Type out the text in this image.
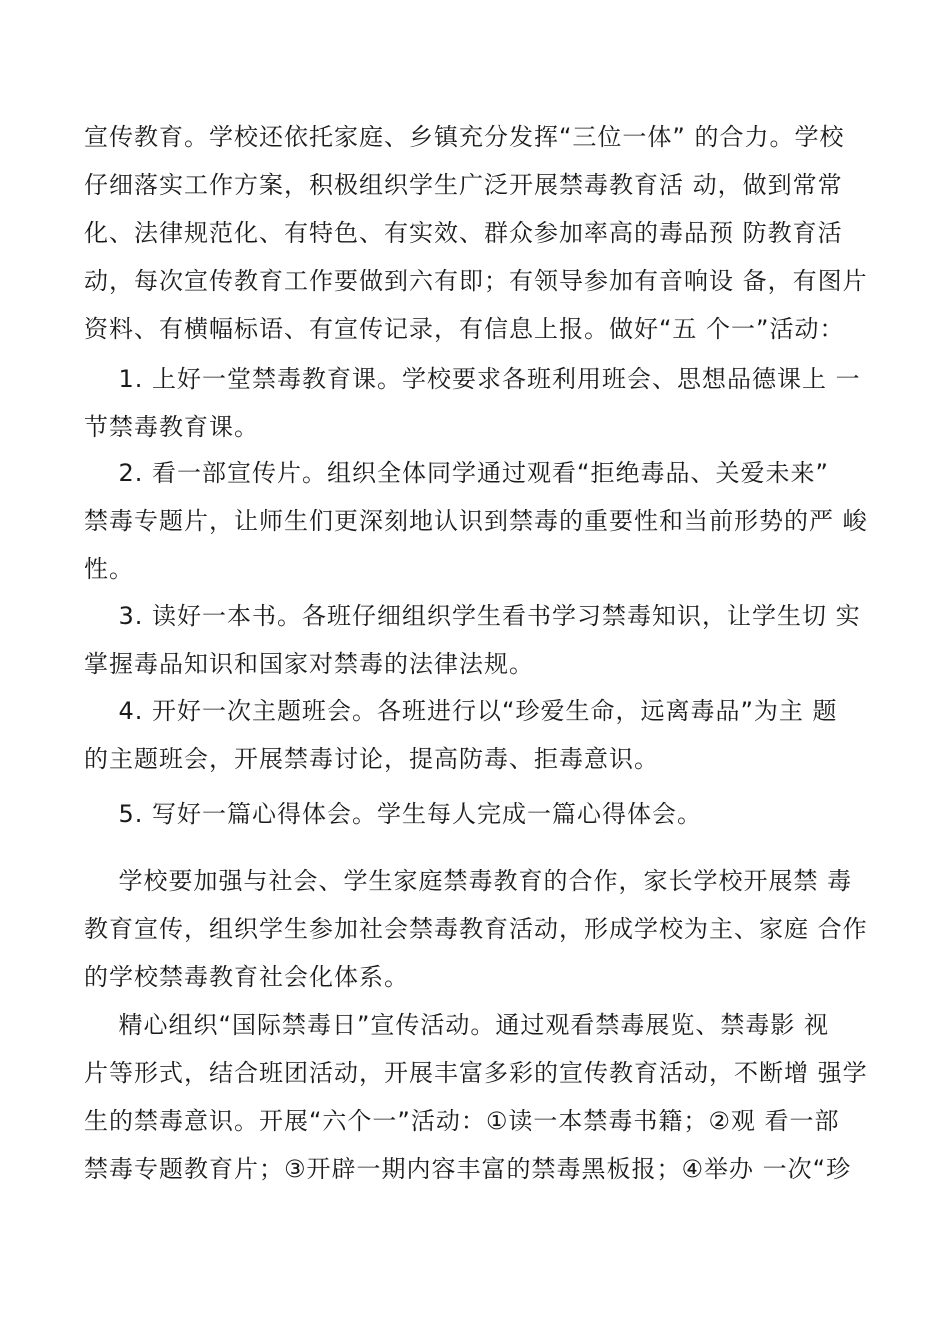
宣传教育。学校还依托家庭、乡镇充分发挥“三位一体” 的合力。学校
仔细落实工作方案，积极组织学生广泛开展禁毒教育活 动，做到常常
化、法律规范化、有特色、有实效、群众参加率高的毒品预 防教育活
动，每次宣传教育工作要做到六有即；有领导参加有音响设 备，有图片
资料、有横幅标语、有宣传记录，有信息上报。做好“五 个一”活动：
1. 上好一堂禁毒教育课。学校要求各班利用班会、思想品德课上 一
节禁毒教育课。
2. 看一部宣传片。组织全体同学通过观看“拒绝毒品、关爱未来”
禁毒专题片，让师生们更深刻地认识到禁毒的重要性和当前形势的严 峻
性。
3. 读好一本书。各班仔细组织学生看书学习禁毒知识，让学生切 实
掌握毒品知识和国家对禁毒的法律法规。
4. 开好一次主题班会。各班进行以“珍爱生命，远离毒品”为主 题
的主题班会，开展禁毒讨论，提高防毒、拒毒意识。
5. 写好一篇心得体会。学生每人完成一篇心得体会。
学校要加强与社会、学生家庭禁毒教育的合作，家长学校开展禁 毒
教育宣传，组织学生参加社会禁毒教育活动，形成学校为主、家庭 合作
的学校禁毒教育社会化体系。
精心组织“国际禁毒日”宣传活动。通过观看禁毒展览、禁毒影 视
片等形式，结合班团活动，开展丰富多彩的宣传教育活动，不断增 强学
生的禁毒意识。开展“六个一”活动：①读一本禁毒书籍；②观 看一部
禁毒专题教育片；③开辟一期内容丰富的禁毒黑板报；④举办 一次“珍
